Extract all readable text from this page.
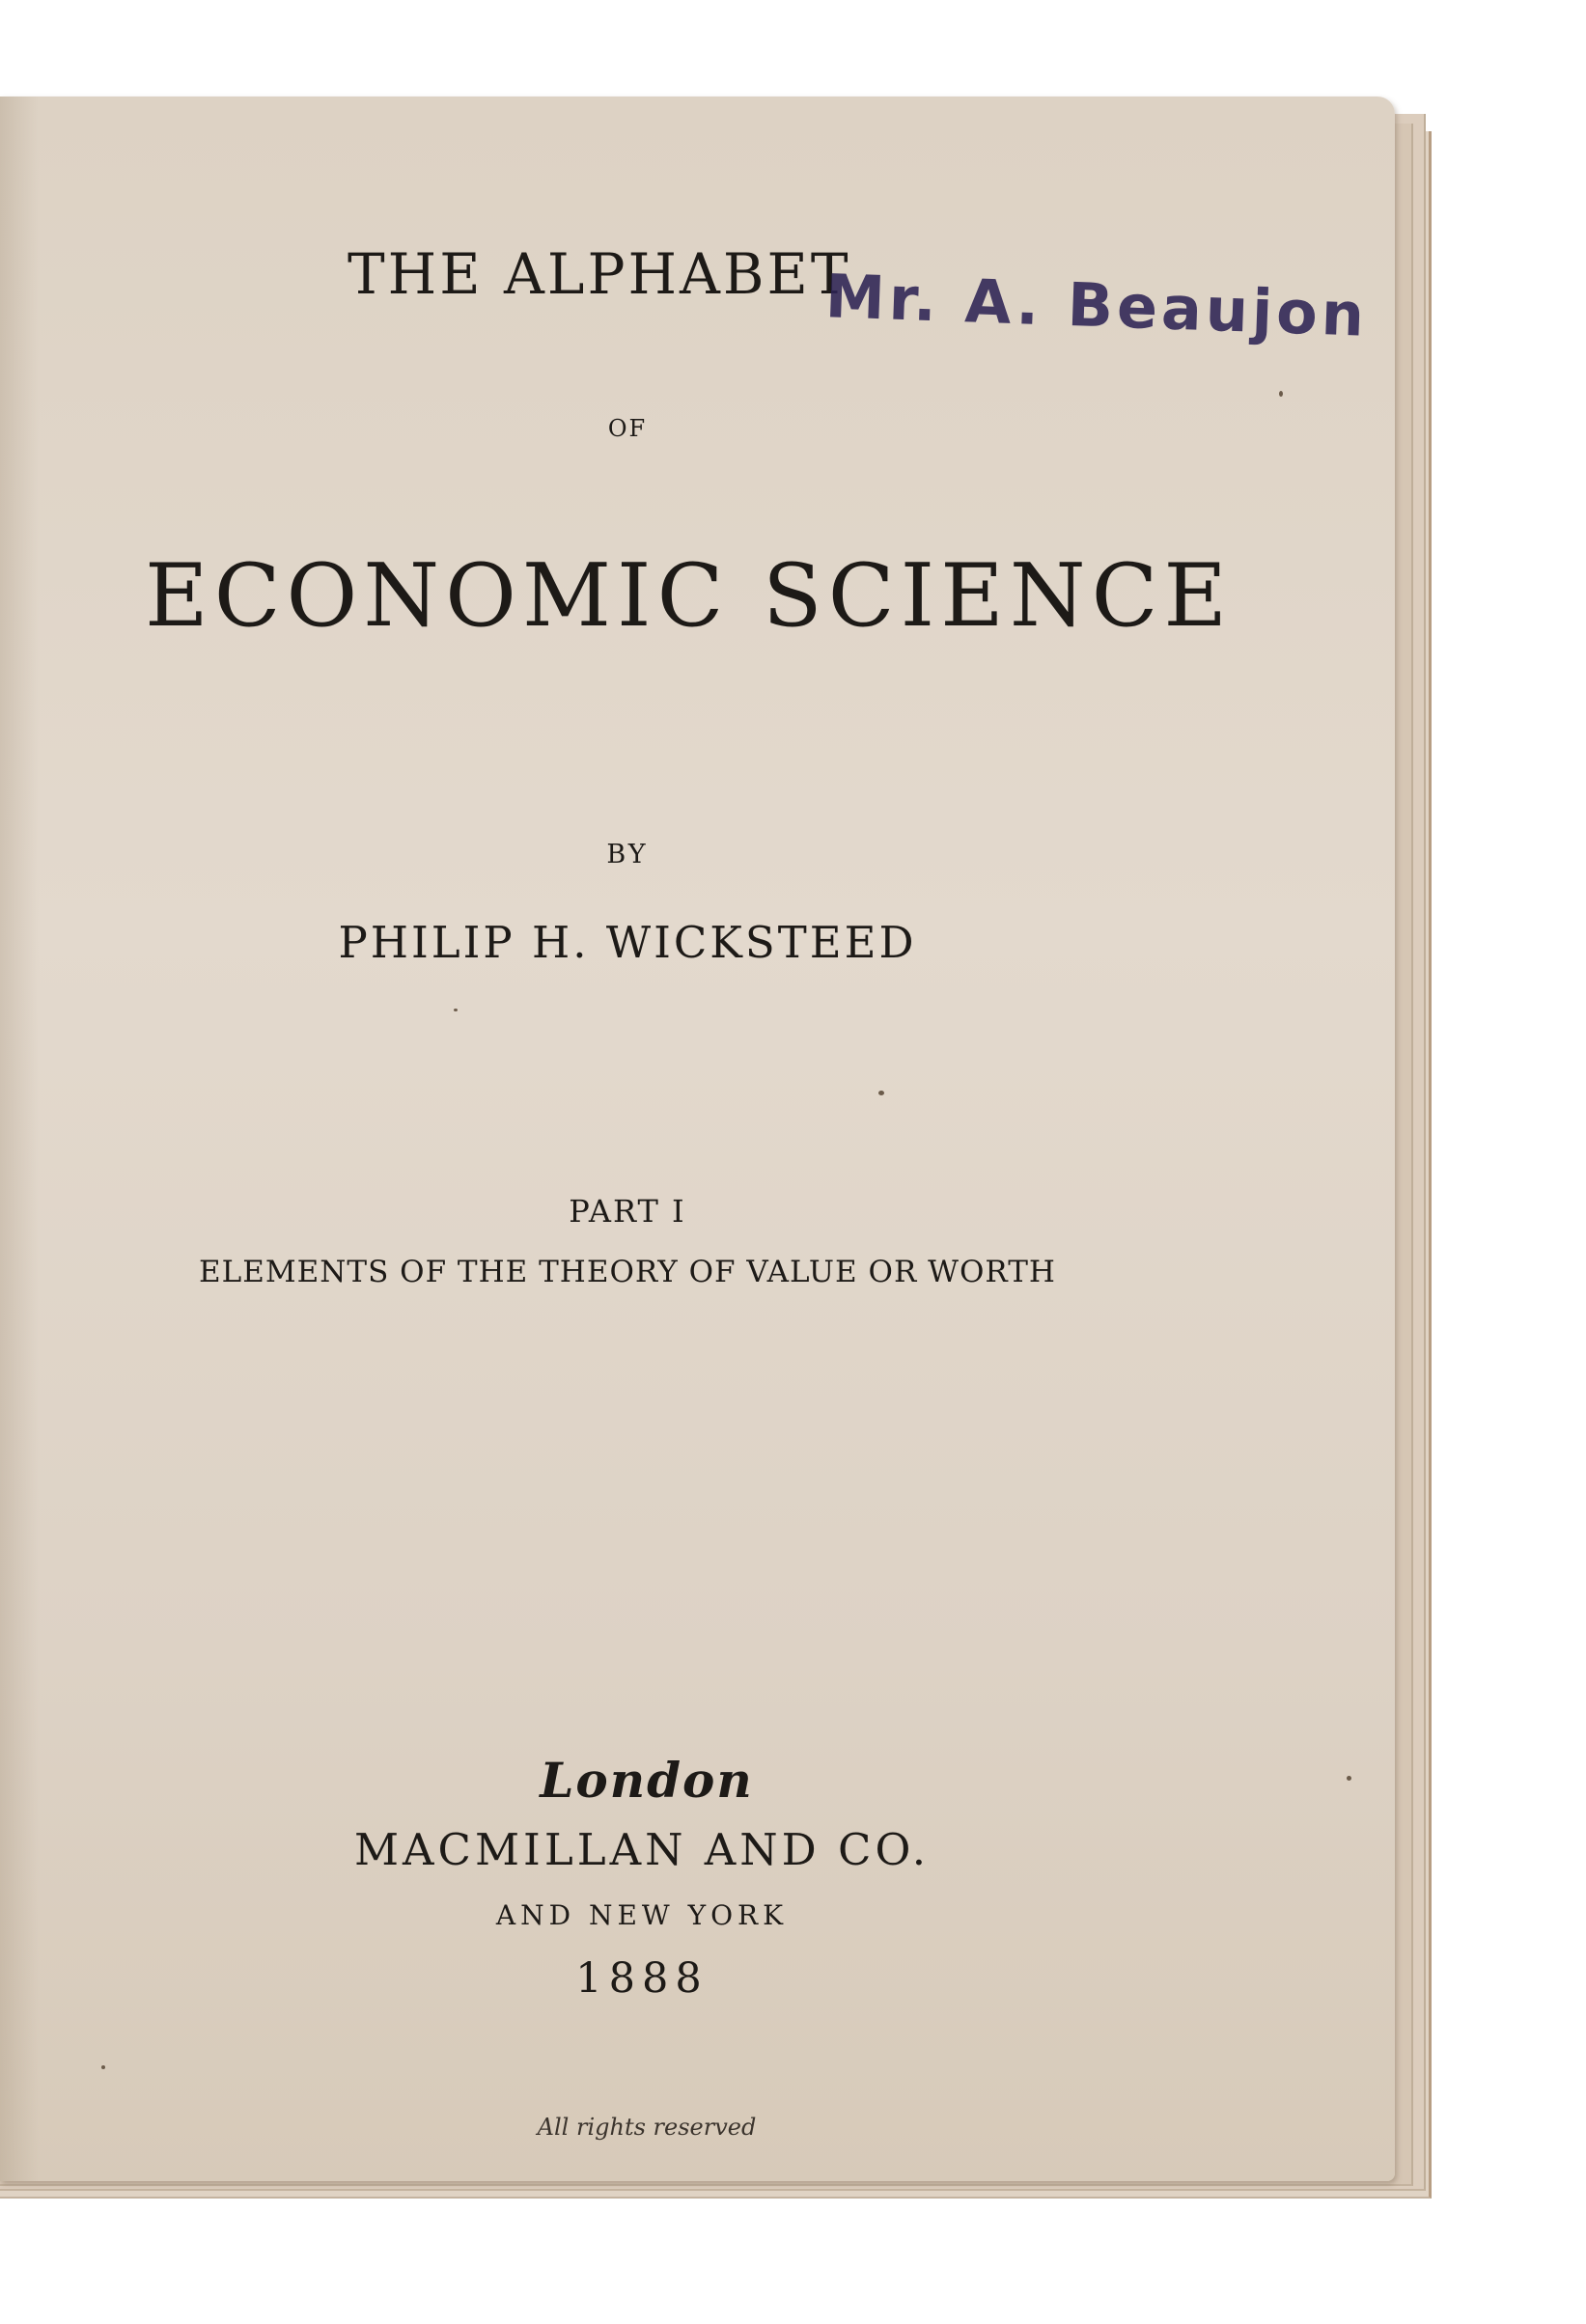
THE ALPHABET
Mr. A. Beaujon
OF
ECONOMIC SCIENCE
BY
PHILIP H. WICKSTEED
PART I
ELEMENTS OF THE THEORY OF VALUE OR WORTH
London
MACMILLAN AND CO.
AND NEW YORK
1888
All rights reserved
